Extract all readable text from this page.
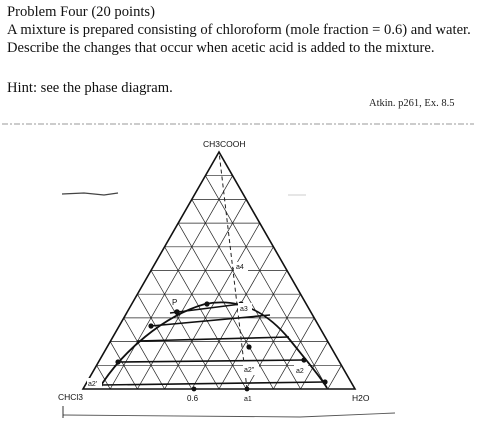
Problem Four (20 points)

A mixture is prepared consisting of chloroform (mole fraction = 0.6) and water. Describe the changes that occur when acetic acid is added to the mixture.

Hint: see the phase diagram.
Atkin. p261, Ex. 8.5
CH3COOH
CHCl3	H2O
0.6
P
a4
a3
a2'
a2"	a2
a1
